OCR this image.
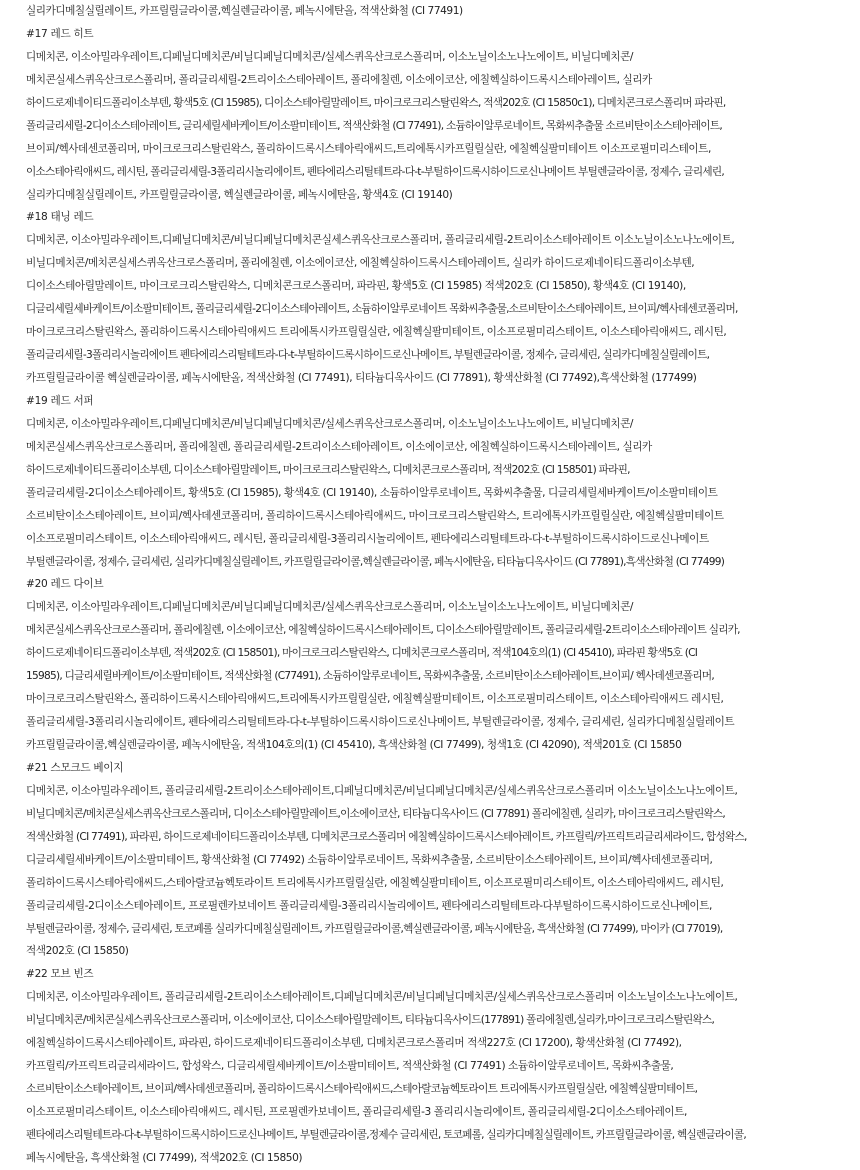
실리카디메칠실릴레이트, 카프릴릴글라이콜,헥실렌글라이콜, 페녹시에탄올, 적색산화철 (CI 77491)
#17 레드 히트
디메치콘, 이소아밀라우레이트,디페닐디메치콘/비닐디페닐디메치콘/실세스퀴옥산크로스폴리머, 이소노닐이소노나노에이트, 비닐디메치콘/
메치콘실세스퀴옥산크로스폴리머, 폴리글리세릴-2트리이소스테아레이트, 폴리에칠렌, 이소에이코산, 에칠헥실하이드록시스테아레이트, 실리카
하이드로제네이티드폴리이소부텐, 황색5호 (CI 15985), 디이소스테아릴말레이트, 마이크로크리스탈린왁스, 적색202호 (CI 15850c1), 디메치콘크로스폴리머 파라핀,
폴리글리세릴-2디이소스테아레이트, 글리세릴세바케이트/이소팔미테이트, 적색산화철 (CI 77491), 소듐하이알루로네이트, 목화씨추출물 소르비탄이소스테아레이트,
브이피/헥사데센코폴리머, 마이크로크리스탈린왁스, 폴리하이드록시스테아릭애씨드,트리에톡시카프릴릴실란, 에칠헥실팔미테이트 이소프로필미리스테이트,
이소스테아릭애씨드, 레시틴, 폴리글리세릴-3폴리리시놀리에이트, 펜타에리스리틸테트라-다-t-부틸하이드록시하이드로신나메이트 부틸렌글라이콜, 정제수, 글리세린,
실리카디메칠실릴레이트, 카프릴릴글라이콜, 헥실렌글라이콜, 페녹시에탄올, 황색4호 (CI 19140)
#18 태닝 레드
디메치콘, 이소아밀라우레이트,디페닐디메치콘/비닐디페닐디메치콘실세스퀴옥산크로스폴리머, 폴리글리세릴-2트리이소스테아레이트 이소노닐이소노나노에이트,
비닐디메치콘/메치콘실세스퀴옥산크로스폴리머, 폴리에칠렌, 이소에이코산, 에칠헥실하이드록시스테아레이트, 실리카 하이드로제네이티드폴리이소부텐,
디이소스테아릴말레이트, 마이크로크리스탈린왁스, 디메치콘크로스폴리머, 파라핀, 황색5호 (CI 15985) 적색202호 (CI 15850), 황색4호 (CI 19140),
디글리세릴세바케이트/이소팔미테이트, 폴리글리세릴-2디이소스테아레이트, 소듐하이알루로네이트 목화씨추출물,소르비탄이소스테아레이트, 브이피/헥사데센코폴리머,
마이크로크리스탈린왁스, 폴리하이드록시스테아릭애씨드 트리에톡시카프릴릴실란, 에칠헥실팔미테이트, 이소프로필미리스테이트, 이소스테아릭애씨드, 레시틴,
폴리글리세릴-3폴리리시놀리에이트 펜타에리스리틸테트라-다-t-부틸하이드록시하이드로신나메이트, 부틸렌글라이콜, 정제수, 글리세린, 실리카디메칠실릴레이트,
카프릴릴글라이콜 헥실렌글라이콜, 페녹시에탄올, 적색산화철 (CI 77491), 티타늄디옥사이드 (CI 77891), 황색산화철 (CI 77492),흑색산화철 (177499)
#19 레드 서퍼
디메치콘, 이소아밀라우레이트,디페닐디메치콘/비닐디페닐디메치콘/실세스퀴옥산크로스폴리머, 이소노닐이소노나노에이트, 비닐디메치콘/
메치콘실세스퀴옥산크로스폴리머, 폴리에칠렌, 폴리글리세릴-2트리이소스테아레이트, 이소에이코산, 에칠헥실하이드록시스테아레이트, 실리카
하이드로제네이티드폴리이소부텐, 디이소스테아릴말레이트, 마이크로크리스탈린왁스, 디메치콘크로스폴리머, 적색202호 (CI 158501) 파라핀,
폴리글리세릴-2디이소스테아레이트, 황색5호 (CI 15985), 황색4호 (CI 19140), 소듐하이알루로네이트, 목화씨추출물, 디글리세릴세바케이트/이소팔미테이트
소르비탄이소스테아레이트, 브이피/헥사데센코폴리머, 폴리하이드록시스테아릭애씨드, 마이크로크리스탈린왁스, 트리에톡시카프릴릴실란, 에칠헥실팔미테이트
이소프로필미리스테이트, 이소스테아릭애씨드, 레시틴, 폴리글리세릴-3폴리리시놀리에이트, 펜타에리스리틸테트라-다-t-부틸하이드록시하이드로신나메이트
부틸렌글라이콜, 정제수, 글리세린, 실리카디메칠실릴레이트, 카프릴릴글라이콜,헥실렌글라이콜, 페녹시에탄올, 티타늄디옥사이드 (CI 77891),흑색산화철 (CI 77499)
#20 레드 다이브
디메치콘, 이소아밀라우레이트,디페닐디메치콘/비닐디페닐디메치콘/실세스퀴옥산크로스폴리머, 이소노닐이소노나노에이트, 비닐디메치콘/
메치콘실세스퀴옥산크로스폴리머, 폴리에칠렌, 이소에이코산, 에칠헥실하이드록시스테아레이트, 디이소스테아릴말레이트, 폴리글리세릴-2트리이소스테아레이트 실리카,
하이드로제네이티드폴리이소부텐, 적색202호 (CI 158501), 마이크로크리스탈린왁스, 디메치콘크로스폴리머, 적색104호의(1) (CI 45410), 파라핀 황색5호 (CI
15985), 디글리세릴바케이트/이소팔미테이트, 적색산화철 (C77491), 소듐하이알루로네이트, 목화씨추출물, 소르비탄이소스테아레이트,브이피/ 헥사데센코폴리머,
마이크로크리스탈린왁스, 폴리하이드록시스테아릭애씨드,트리에톡시카프릴릴실란, 에칠헥실팔미테이트, 이소프로필미리스테이트, 이소스테아릭애씨드 레시틴,
폴리글리세릴-3폴리리시놀리에이트, 펜타에리스리틸테트라-다-t-부틸하이드록시하이드로신나메이트, 부틸렌글라이콜, 정제수, 글리세린, 실리카디메칠실릴레이트
카프릴릴글라이콜,헥실렌글라이콜, 페녹시에탄올, 적색104호의(1) (CI 45410), 흑색산화철 (CI 77499), 청색1호 (CI 42090), 적색201호 (CI 15850
#21 스모크드 베이지
디메치콘, 이소아밀라우레이트, 폴리글리세릴-2트리이소스테아레이트,디페닐디메치콘/비닐디페닐디메치콘/실세스퀴옥산크로스폴리머 이소노닐이소노나노에이트,
비닐디메치콘/메치콘실세스퀴옥산크로스폴리머, 디이소스테아릴말레이트,이소에이코산, 티타늄디옥사이드 (CI 77891) 폴리에칠렌, 실리카, 마이크로크리스탈린왁스,
적색산화철 (CI 77491), 파라핀, 하이드로제네이티드폴리이소부텐, 디메치콘크로스폴리머 에칠헥실하이드록시스테아레이트, 카프릴릭/카프릭트리글리세라이드, 합성왁스,
디글리세릴세바케이트/이소팔미테이트, 황색산화철 (CI 77492) 소듐하이알루로네이트, 목화씨추출물, 소르비탄이소스테아레이트, 브이피/헥사데센코폴리머,
폴리하이드록시스테아릭애씨드,스테아랄코늄헥토라이트 트리에톡시카프릴릴실란, 에칠헥실팔미테이트, 이소프로필미리스테이트, 이소스테아릭애씨드, 레시틴,
폴리글리세릴-2디이소스테아레이트, 프로필렌카보네이트 폴리글리세릴-3폴리리시놀리에이트, 펜타에리스리틸테트라-다부틸하이드록시하이드로신나메이트,
부틸렌글라이콜, 정제수, 글리세린, 토코페롤 실리카디메칠실릴레이트, 카프릴릴글라이콜,헥실렌글라이콜, 페녹시에탄올, 흑색산화철 (CI 77499), 마이카 (CI 77019),
적색202호 (CI 15850)
#22 모브 빈즈
디메치콘, 이소아밀라우레이트, 폴리글리세릴-2트리이소스테아레이트,디페닐디메치콘/비닐디페닐디메치콘/실세스퀴옥산크로스폴리머 이소노닐이소노나노에이트,
비닐디메치콘/메치콘실세스퀴옥산크로스폴리머, 이소에이코산, 디이소스테아릴말레이트, 티타늄디옥사이드(177891) 폴리에칠렌,실리카,마이크로크리스탈린왁스,
에칠헥실하이드록시스테아레이트, 파라핀, 하이드로제네이티드폴리이소부텐, 디메치콘크로스폴리머 적색227호 (CI 17200), 황색산화철 (CI 77492),
카프릴릭/카프릭트리글리세라이드, 합성왁스, 디글리세릴세바케이트/이소팔미테이트, 적색산화철 (CI 77491) 소듐하이알루로네이트, 목화씨추출물,
소르비탄이소스테아레이트, 브이피/헥사데센코폴리머, 폴리하이드록시스테아릭애씨드,스테아랄코늄헥토라이트 트리에톡시카프릴릴실란, 에칠헥실팔미테이트,
이소프로필미리스테이트, 이소스테아릭애씨드, 레시틴, 프로필렌카보네이트, 폴리글리세릴-3 폴리리시놀리에이트, 폴리글리세릴-2디이소스테아레이트,
펜타에리스리틸테트라-다-t-부틸하이드록시하이드로신나메이트, 부틸렌글라이콜,정제수 글리세린, 토코페롤, 실리카디메칠실릴레이트, 카프릴릴글라이콜, 헥실렌글라이콜,
페녹시에탄올, 흑색산화철 (CI 77499), 적색202호 (CI 15850)
